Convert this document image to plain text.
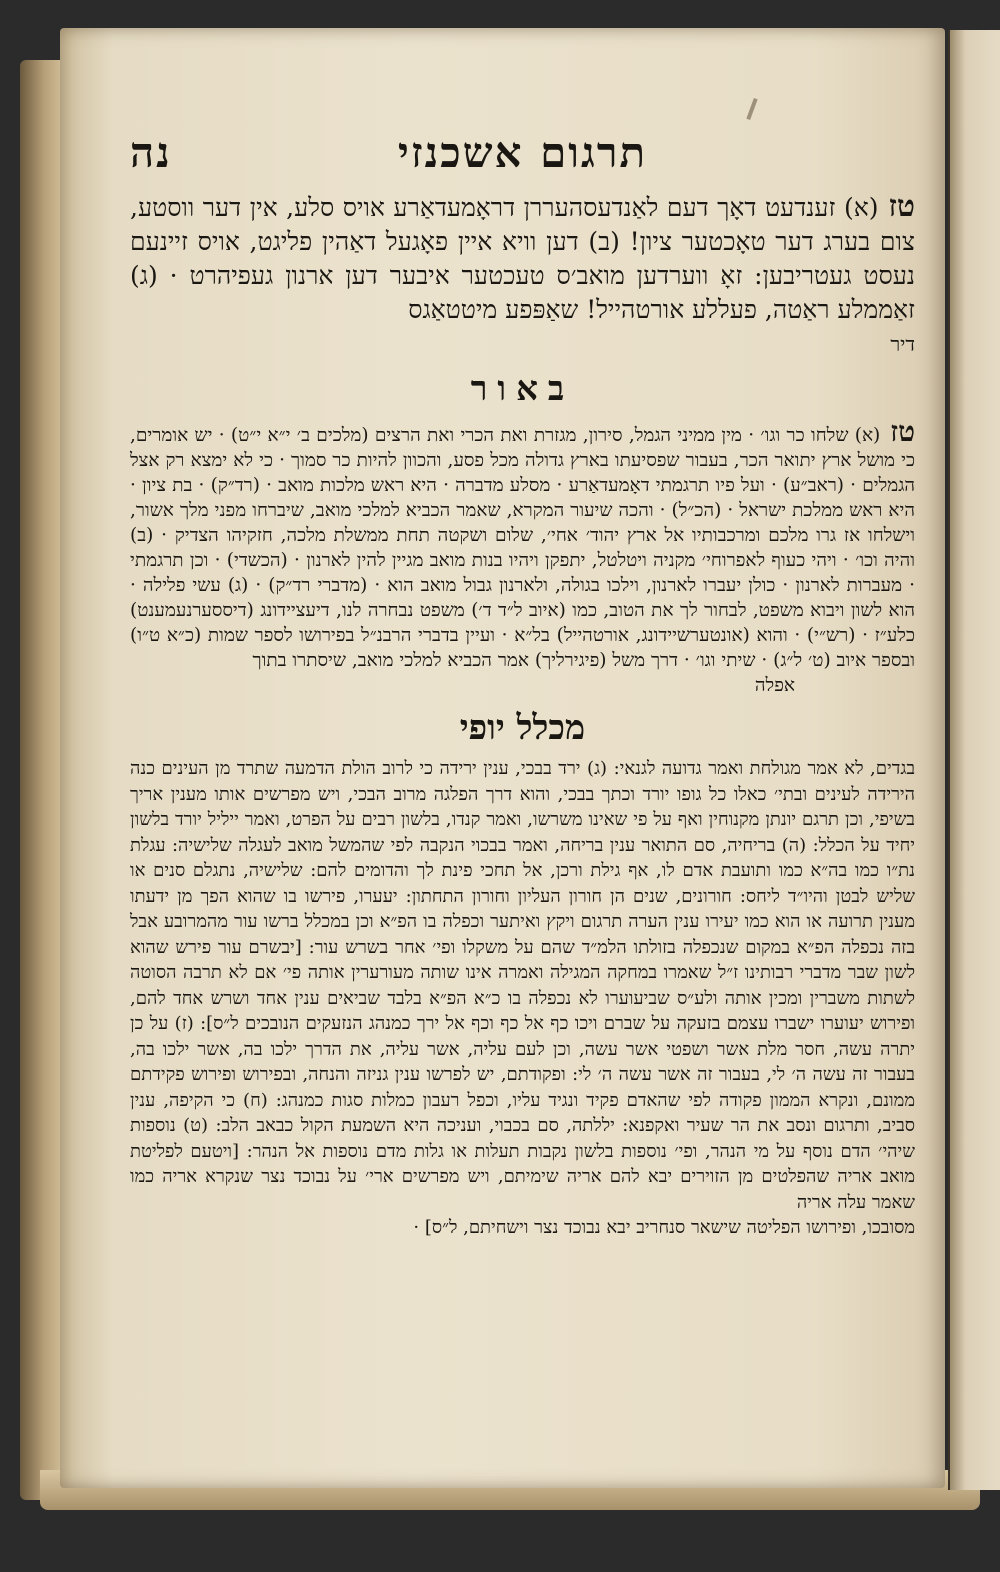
תרגום אשכנזי
נה
טז(א) זענדעט דאָך דעם לאַנדעסהעררן דראָמעדאַרע אויס סלע, אין דער ווסטע, צום בערג דער טאָכטער ציון! (ב) דען וויא איין פאָגעל דאַהין פליגט, אויס זיינעם נעסט געטריבען: זאָ ווערדען מואב׳ס טעכטער איבער דען ארנון געפיהרט · (ג) זאַממלע ראַטה, פעללע אורטהייל! שאַפּפע מיטטאַגס
דיר
באור
טז(א) שלחו כר וגו׳ · מין ממיני הגמל, סירון, מגזרת ואת הכרי ואת הרצים (מלכים ב׳ י״א י״ט) · יש אומרים, כי מושל ארץ יתואר הכר, בעבור שפסיעתו בארץ גדולה מכל פסע, והכוון להיות כר סמוך · כי לא ימצא רק אצל הגמלים · (ראב״ע) · ועל פיו תרגמתי דאָמעדאַרע · מסלע מדברה · היא ראש מלכות מואב · (רד״ק) · בת ציון · היא ראש ממלכת ישראל · (הכ״ל) · והכה שיעור המקרא, שאמר הכביא למלכי מואב, שיברחו מפני מלך אשור, וישלחו אז גרו מלכם ומרכבותיו אל ארץ יהוד׳ אחי׳, שלום ושקטה תחת ממשלת מלכה, חזקיהו הצדיק · (ב) והיה וכו׳ · ויהי כעוף לאפרוחי׳ מקניה ויטלטל, יתפקן ויהיו בנות מואב מגיין להין לארנון · (הכשדי) · וכן תרגמתי · מעברות לארנון · כולן יעברו לארנון, וילכו בגולה, ולארנון גבול מואב הוא · (מדברי רד״ק) · (ג) עשי פלילה · הוא לשון ויבוא משפט, לבחור לך את הטוב, כמו (איוב ל״ד ד׳) משפט נבחרה לנו, דיעציידונג (דיססערנעמענט) כלע״ז · (רש״י) · והוא (אונטערשיידונג, אורטהייל) בל״א · ועיין בדברי הרבנ״ל בפירושו לספר שמות (כ״א ט״ו) ובספר איוב (ט׳ ל״ג) · שיתי וגו׳ · דרך משל (פיגירליך) אמר הכביא למלכי מואב, שיסתרו בתוך
אפלה
מכלל יופי
בגדים, לא אמר מגולחת ואמר גדועה לגנאי: (ג) ירד בבכי, ענין ירידה כי לרוב הולת הדמעה שתרד מן העינים כנה הירידה לעינים ובתי׳ כאלו כל גופו יורד וכתך בבכי, והוא דרך הפלגה מרוב הבכי, ויש מפרשים אותו מענין אריך בשיפי, וכן תרגם יונתן מקנוחין ואף על פי שאינו משרשו, ואמר קנדו, בלשון רבים על הפרט, ואמר ייליל יורד בלשון יחיד על הכלל: (ה) בריחיה, סם התואר ענין בריחה, ואמר בבכוי הנקבה לפי שהמשל מואב לעגלה שלישיה: עגלת נת״ו כמו בה״א כמו ותועבת אדם לו, אף גילת ורכן, אל תחכי פינת לך והדומים להם: שלישיה, נתגלם סנים או שליש לבטן והיו״ד ליחס: חורונים, שנים הן חורון העליון וחורון התחתון: יעערו, פירשו בו שהוא הפך מן ידעתו מענין תרועה או הוא כמו יעירו ענין הערה תרגום ויקץ ואיתער וכפלה בו הפ״א וכן במכלל ברשו עור מהמרובע אבל בזה נכפלה הפ״א במקום שנכפלה בזולתו הלמ״ד שהם על משקלו ופי׳ אחר בשרש עור: [יבשרם עור פירש שהוא לשון שבר מדברי רבותינו ז״ל שאמרו במחקה המגילה ואמרה אינו שותה מעורערין אותה פי׳ אם לא תרבה הסוטה לשתות משברין ומכין אותה ולע״ס שביעוערו לא נכפלה בו כ״א הפ״א בלבד שביאים ענין אחד ושרש אחד להם, ופירוש יעוערו ישברו עצמם בזעקה על שברם ויכו כף אל כף וכף אל ירך כמנהג הנזעקים הנובכים ל״ס]: (ז) על כן יתרה עשה, חסר מלת אשר ושפטי אשר עשה, וכן לעם עליה, אשר עליה, את הדרך ילכו בה, אשר ילכו בה, בעבור זה עשה ה׳ לי, בעבור זה אשר עשה ה׳ לי: ופקודתם, יש לפרשו ענין גניזה והנחה, ובפירוש ופירוש פקידתם ממונם, ונקרא הממון פקודה לפי שהאדם פקיד ונגיד עליו, וכפל רעבון כמלות סגות כמנהג: (ח) כי הקיפה, ענין סביב, ותרגום ונסב את הר שעיר ואקפנא: יללתה, סם בכבוי, ועניכה היא השמעת הקול כבאב הלב: (ט) נוספות שיהי׳ הדם נוסף על מי הנהר, ופי׳ נוספות בלשון נקבות תעלות או גלות מדם נוספות אל הנהר: [ויטעם לפליטת מואב אריה שהפלטים מן הזוירים יבא להם אריה שימיתם, ויש מפרשים ארי׳ על נבוכד נצר שנקרא אריה כמו שאמר עלה אריה
מסובכו, ופירושו הפליטה שישאר סנחריב יבא נבוכד נצר וישחיתם, ל״ס] ·
